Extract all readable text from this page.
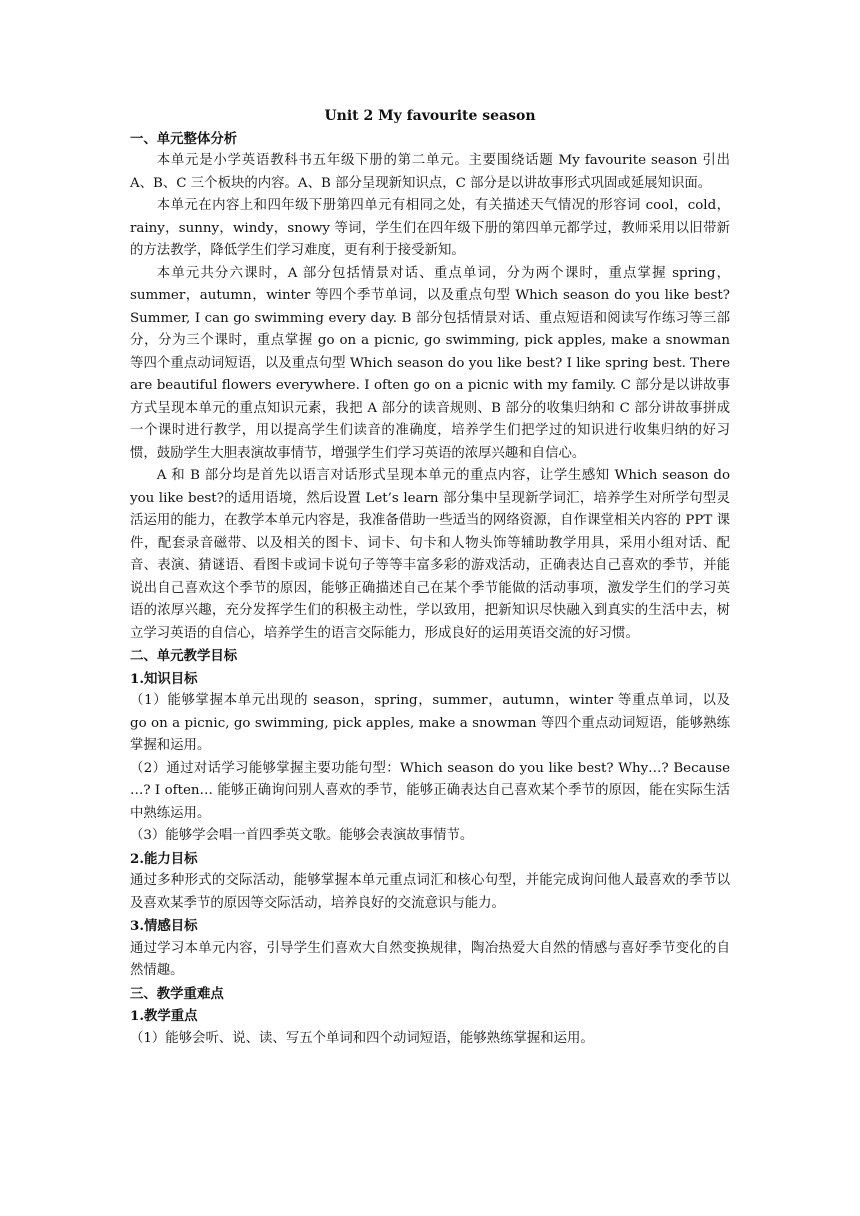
Unit 2 My favourite season

一、单元整体分析

本单元是小学英语教科书五年级下册的第二单元。主要围绕话题 My favourite season 引出 A、B、C 三个板块的内容。A、B 部分呈现新知识点，C 部分是以讲故事形式巩固或延展知识面。

本单元在内容上和四年级下册第四单元有相同之处，有关描述天气情况的形容词 cool，cold，rainy，sunny，windy，snowy 等词，学生们在四年级下册的第四单元都学过，教师采用以旧带新的方法教学，降低学生们学习难度，更有利于接受新知。

本单元共分六课时，A 部分包括情景对话、重点单词，分为两个课时，重点掌握 spring，summer，autumn，winter 等四个季节单词，以及重点句型 Which season do you like best? Summer, I can go swimming every day. B 部分包括情景对话、重点短语和阅读写作练习等三部分，分为三个课时，重点掌握 go on a picnic, go swimming, pick apples, make a snowman 等四个重点动词短语，以及重点句型 Which season do you like best? I like spring best. There are beautiful flowers everywhere. I often go on a picnic with my family. C 部分是以讲故事方式呈现本单元的重点知识元素，我把 A 部分的读音规则、B 部分的收集归纳和 C 部分讲故事拼成一个课时进行教学，用以提高学生们读音的准确度，培养学生们把学过的知识进行收集归纳的好习惯，鼓励学生大胆表演故事情节，增强学生们学习英语的浓厚兴趣和自信心。

A 和 B 部分均是首先以语言对话形式呈现本单元的重点内容，让学生感知 Which season do you like best?的适用语境，然后设置 Let’s learn 部分集中呈现新学词汇，培养学生对所学句型灵活运用的能力，在教学本单元内容是，我准备借助一些适当的网络资源，自作课堂相关内容的 PPT 课件，配套录音磁带、以及相关的图卡、词卡、句卡和人物头饰等辅助教学用具，采用小组对话、配音、表演、猜谜语、看图卡或词卡说句子等等丰富多彩的游戏活动，正确表达自己喜欢的季节，并能说出自己喜欢这个季节的原因，能够正确描述自己在某个季节能做的活动事项，激发学生们的学习英语的浓厚兴趣，充分发挥学生们的积极主动性，学以致用，把新知识尽快融入到真实的生活中去，树立学习英语的自信心，培养学生的语言交际能力，形成良好的运用英语交流的好习惯。

二、单元教学目标

1.知识目标

（1）能够掌握本单元出现的 season，spring，summer，autumn，winter 等重点单词，以及 go on a picnic, go swimming, pick apples, make a snowman 等四个重点动词短语，能够熟练掌握和运用。

（2）通过对话学习能够掌握主要功能句型：Which season do you like best? Why…? Because …? I often… 能够正确询问别人喜欢的季节，能够正确表达自己喜欢某个季节的原因，能在实际生活中熟练运用。

（3）能够学会唱一首四季英文歌。能够会表演故事情节。

2.能力目标

通过多种形式的交际活动，能够掌握本单元重点词汇和核心句型，并能完成询问他人最喜欢的季节以及喜欢某季节的原因等交际活动，培养良好的交流意识与能力。

3.情感目标

通过学习本单元内容，引导学生们喜欢大自然变换规律，陶冶热爱大自然的情感与喜好季节变化的自然情趣。

三、教学重难点

1.教学重点

（1）能够会听、说、读、写五个单词和四个动词短语，能够熟练掌握和运用。
